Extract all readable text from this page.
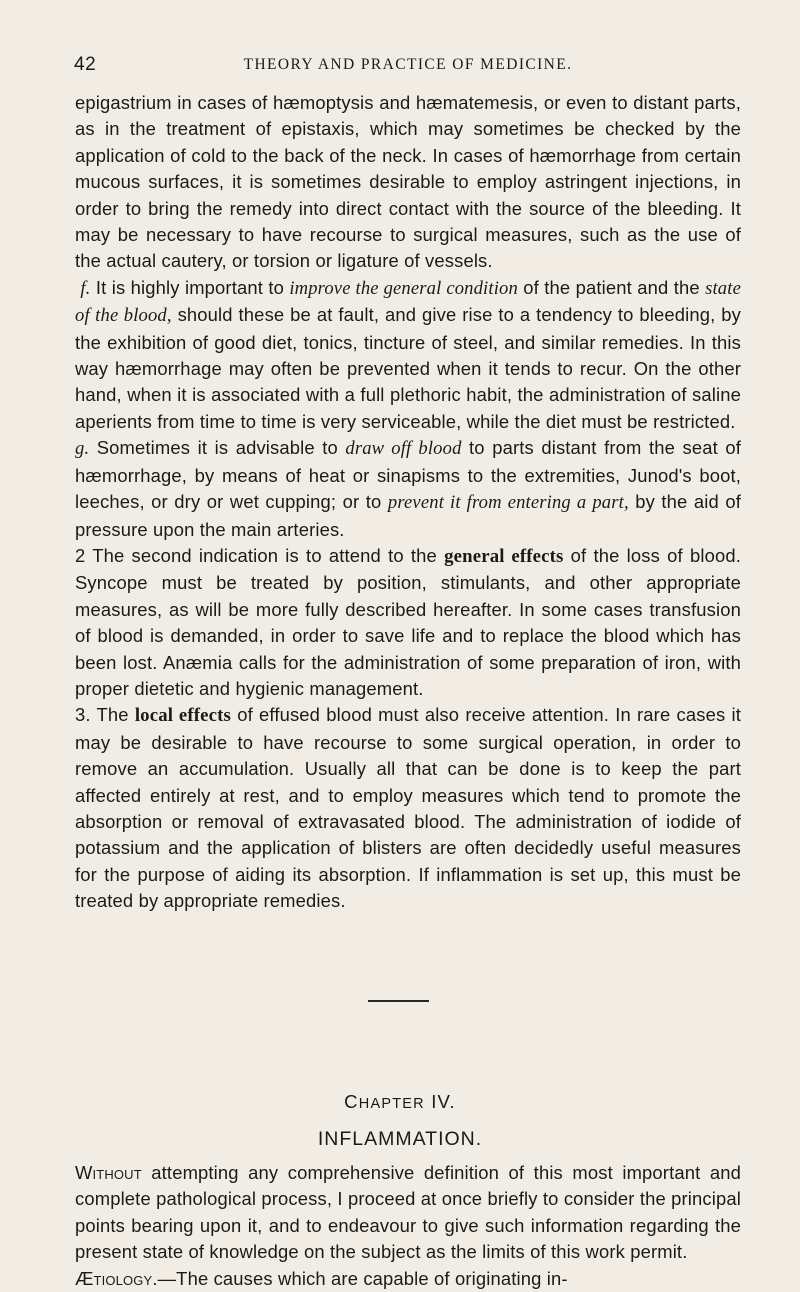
42	THEORY AND PRACTICE OF MEDICINE.

epigastrium in cases of hæmoptysis and hæmatemesis, or even to distant parts, as in the treatment of epistaxis, which may sometimes be checked by the application of cold to the back of the neck. In cases of hæmorrhage from certain mucous surfaces, it is sometimes desirable to employ astringent injections, in order to bring the remedy into direct contact with the source of the bleeding. It may be necessary to have recourse to surgical measures, such as the use of the actual cautery, or torsion or ligature of vessels.

f. It is highly important to improve the general condition of the patient and the state of the blood, should these be at fault, and give rise to a tendency to bleeding, by the exhibition of good diet, tonics, tincture of steel, and similar remedies. In this way hæmorrhage may often be prevented when it tends to recur. On the other hand, when it is associated with a full plethoric habit, the administration of saline aperients from time to time is very serviceable, while the diet must be restricted.

g. Sometimes it is advisable to draw off blood to parts distant from the seat of hæmorrhage, by means of heat or sinapisms to the extremities, Junod's boot, leeches, or dry or wet cupping; or to prevent it from entering a part, by the aid of pressure upon the main arteries.

2 The second indication is to attend to the general effects of the loss of blood. Syncope must be treated by position, stimulants, and other appropriate measures, as will be more fully described hereafter. In some cases transfusion of blood is demanded, in order to save life and to replace the blood which has been lost. Anæmia calls for the administration of some preparation of iron, with proper dietetic and hygienic management.

3. The local effects of effused blood must also receive attention. In rare cases it may be desirable to have recourse to some surgical operation, in order to remove an accumulation. Usually all that can be done is to keep the part affected entirely at rest, and to employ measures which tend to promote the absorption or removal of extravasated blood. The administration of iodide of potassium and the application of blisters are often decidedly useful measures for the purpose of aiding its absorption. If inflammation is set up, this must be treated by appropriate remedies.

CHAPTER IV.
INFLAMMATION.

Without attempting any comprehensive definition of this most important and complete pathological process, I proceed at once briefly to consider the principal points bearing upon it, and to endeavour to give such information regarding the present state of knowledge on the subject as the limits of this work permit.

Ætiology.—The causes which are capable of originating in-
